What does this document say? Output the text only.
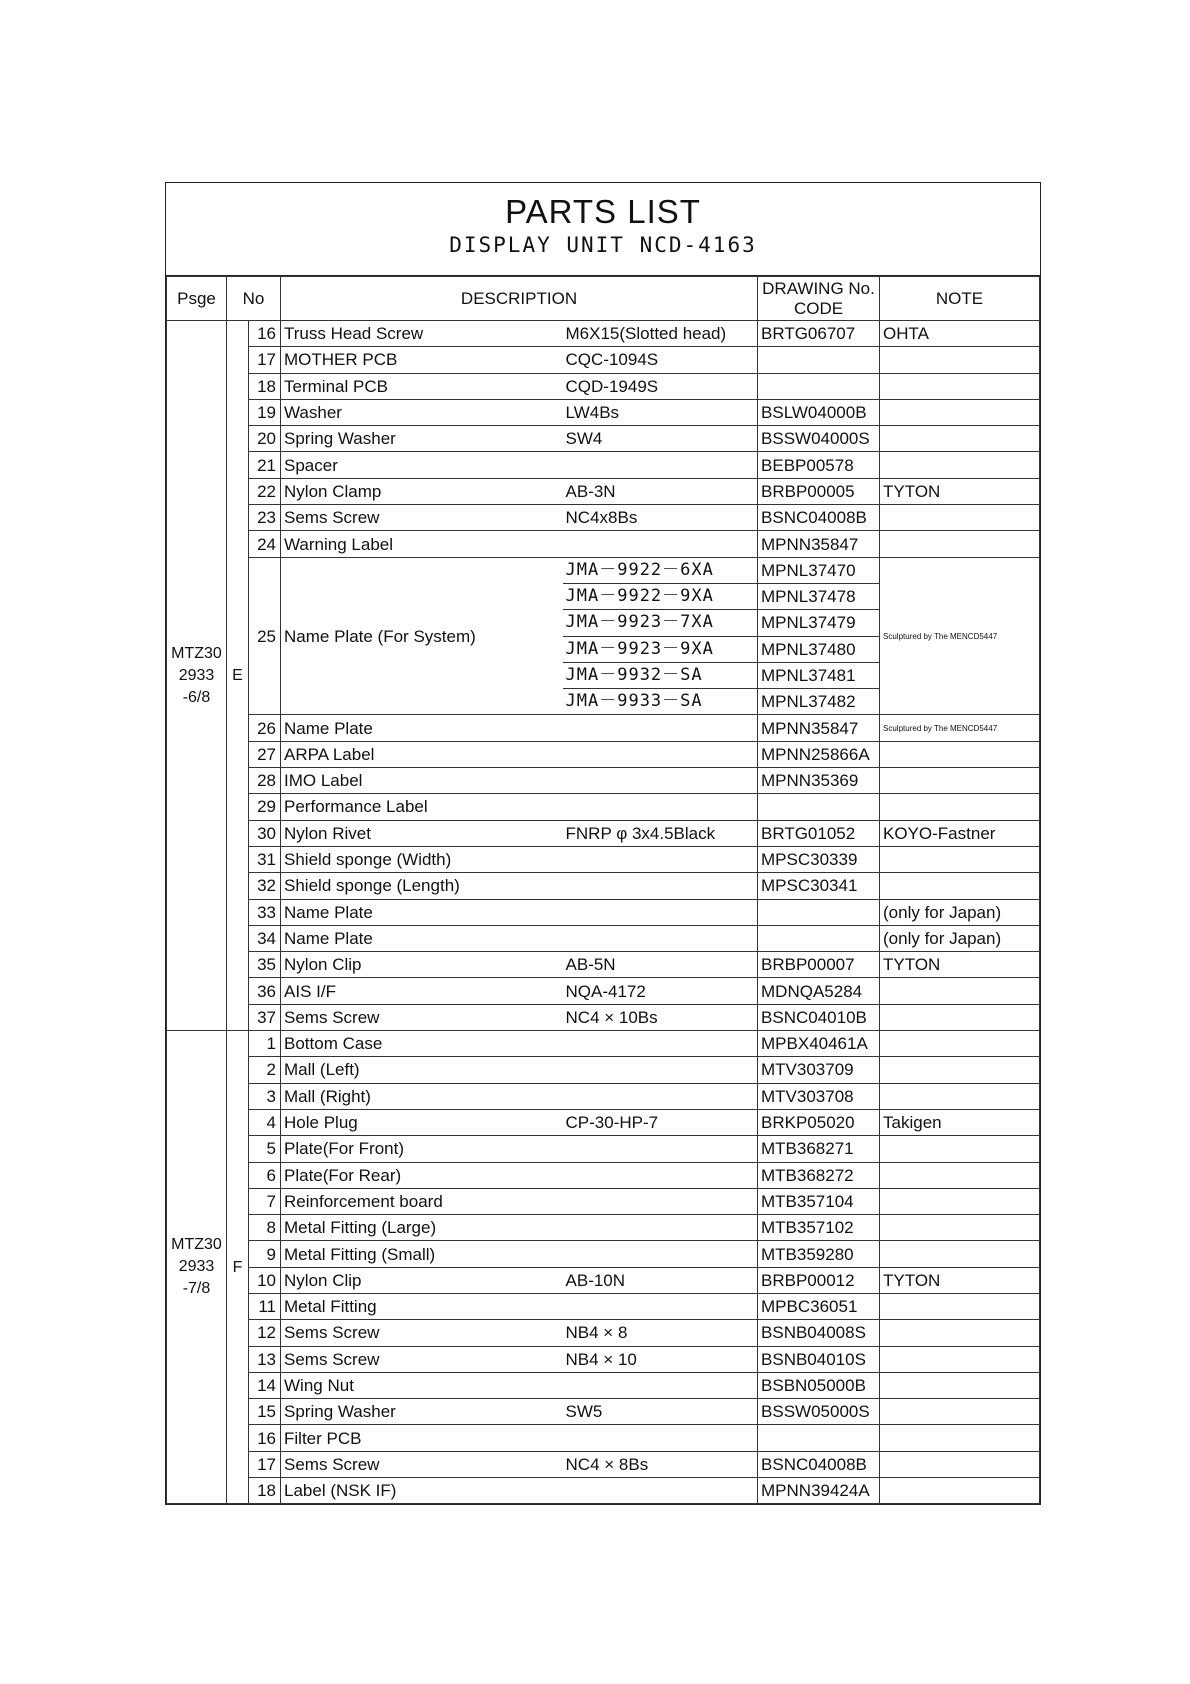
PARTS LIST
DISPLAY UNIT NCD-4163
Psge	No		DESCRIPTION		DRAWING No.
CODE	NOTE

MTZ30
2933
-6/8	E	16	Truss Head Screw	M6X15(Slotted head)	BRTG06707	OHTA
		17	MOTHER PCB	CQC-1094S		
		18	Terminal PCB	CQD-1949S		
		19	Washer	LW4Bs	BSLW04000B	
		20	Spring Washer	SW4	BSSW04000S	
		21	Spacer		BEBP00578	
		22	Nylon Clamp	AB-3N	BRBP00005	TYTON
		23	Sems Screw	NC4x8Bs	BSNC04008B	
		24	Warning Label		MPNN35847	
		25	Name Plate (For System)	JMA－9922－6XA	MPNL37470	Sculptured by The MENCD5447
				JMA－9922－9XA	MPNL37478	
				JMA－9923－7XA	MPNL37479	
				JMA－9923－9XA	MPNL37480	
				JMA－9932－SA	MPNL37481	
				JMA－9933－SA	MPNL37482	
		26	Name Plate		MPNN35847	Sculptured by The MENCD5447
		27	ARPA Label		MPNN25866A	
		28	IMO Label		MPNN35369	
		29	Performance Label			
		30	Nylon Rivet	FNRP φ 3x4.5Black	BRTG01052	KOYO-Fastner
		31	Shield sponge (Width)		MPSC30339	
		32	Shield sponge (Length)		MPSC30341	
		33	Name Plate			(only for Japan)
		34	Name Plate			(only for Japan)
		35	Nylon Clip	AB-5N	BRBP00007	TYTON
		36	AIS I/F	NQA-4172	MDNQA5284	
		37	Sems Screw	NC4 × 10Bs	BSNC04010B	

MTZ30
2933
-7/8	F	1	Bottom Case		MPBX40461A	
		2	Mall (Left)		MTV303709	
		3	Mall (Right)		MTV303708	
		4	Hole Plug	CP-30-HP-7	BRKP05020	Takigen
		5	Plate(For Front)		MTB368271	
		6	Plate(For Rear)		MTB368272	
		7	Reinforcement board		MTB357104	
		8	Metal Fitting (Large)		MTB357102	
		9	Metal Fitting (Small)		MTB359280	
		10	Nylon Clip	AB-10N	BRBP00012	TYTON
		11	Metal Fitting		MPBC36051	
		12	Sems Screw	NB4 × 8	BSNB04008S	
		13	Sems Screw	NB4 × 10	BSNB04010S	
		14	Wing Nut		BSBN05000B	
		15	Spring Washer	SW5	BSSW05000S	
		16	Filter PCB			
		17	Sems Screw	NC4 × 8Bs	BSNC04008B	
		18	Label (NSK IF)		MPNN39424A	
